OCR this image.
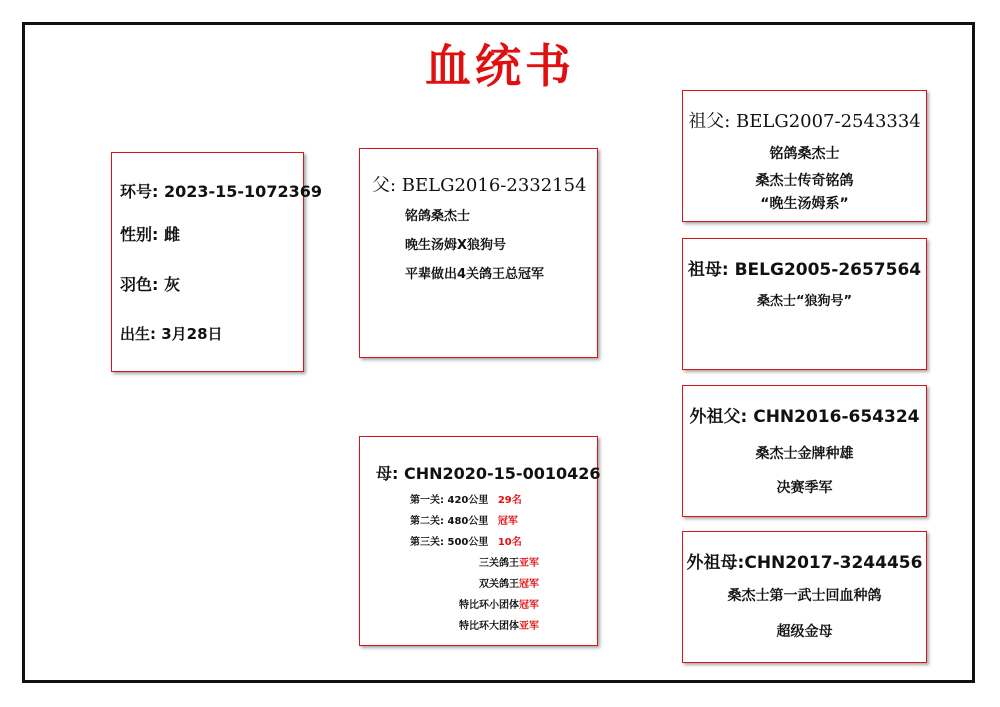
血统书
环号: 2023-15-1072369
性别: 雌
羽色: 灰
出生: 3月28日
父: BELG2016-2332154
铭鸽桑杰士
晚生汤姆X狼狗号
平辈做出4关鸽王总冠军
母: CHN2020-15-0010426
第一关: 420公里 29名
第二关: 480公里 冠军
第三关: 500公里 10名
三关鸽王亚军
双关鸽王冠军
特比环小团体冠军
特比环大团体亚军
祖父: BELG2007-2543334
铭鸽桑杰士
桑杰士传奇铭鸽
“晚生汤姆系”
祖母: BELG2005-2657564
桑杰士“狼狗号”
外祖父: CHN2016-654324
桑杰士金牌种雄
决赛季军
外祖母:CHN2017-3244456
桑杰士第一武士回血种鸽
超级金母
